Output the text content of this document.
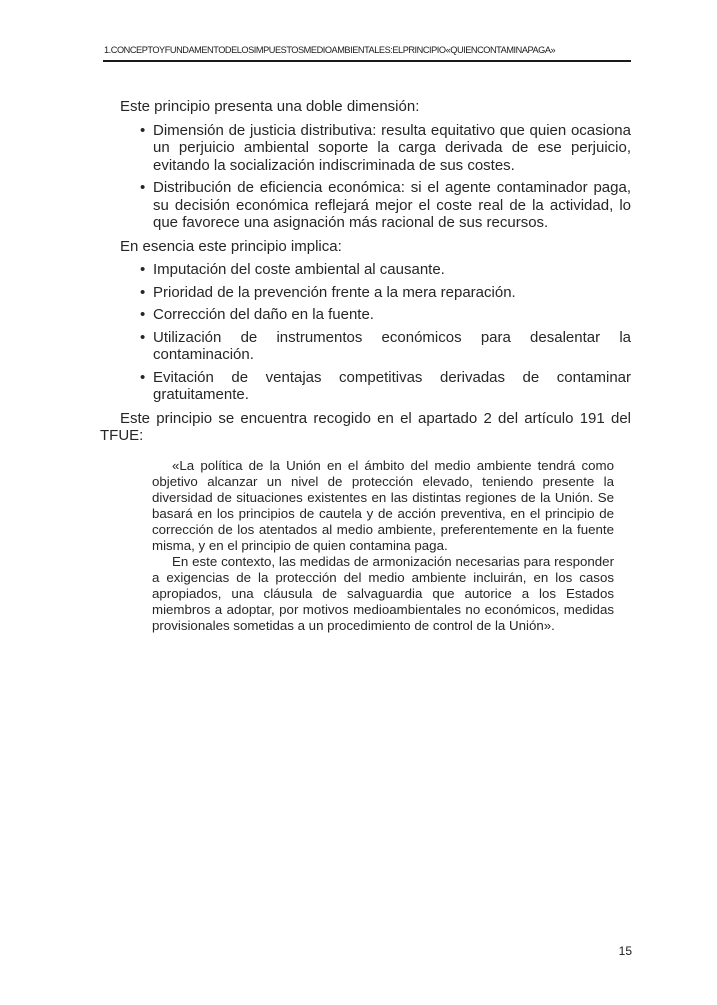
1.CONCEPTOYFUNDAMENTODELOSIMPUESTOSMEDIOAMBIENTALES:ELPRINCIPIO«QUIENCONTAMINAPAGA»

Este principio presenta una doble dimensión:

• Dimensión de justicia distributiva: resulta equitativo que quien ocasiona un perjuicio ambiental soporte la carga derivada de ese perjuicio, evitando la socialización indiscriminada de sus costes.
• Distribución de eficiencia económica: si el agente contaminador paga, su decisión económica reflejará mejor el coste real de la actividad, lo que favorece una asignación más racional de sus recursos.

En esencia este principio implica:

• Imputación del coste ambiental al causante.
• Prioridad de la prevención frente a la mera reparación.
• Corrección del daño en la fuente.
• Utilización de instrumentos económicos para desalentar la contaminación.
• Evitación de ventajas competitivas derivadas de contaminar gratuitamente.

Este principio se encuentra recogido en el apartado 2 del artículo 191 del
TFUE:

«La política de la Unión en el ámbito del medio ambiente tendrá como objetivo alcanzar un nivel de protección elevado, teniendo presente la diversidad de situaciones existentes en las distintas regiones de la Unión. Se basará en los principios de cautela y de acción preventiva, en el principio de corrección de los atentados al medio ambiente, preferentemente en la fuente misma, y en el principio de quien contamina paga.

En este contexto, las medidas de armonización necesarias para responder a exigencias de la protección del medio ambiente incluirán, en los casos apropiados, una cláusula de salvaguardia que autorice a los Estados miembros a adoptar, por motivos medioambientales no económicos, medidas provisionales sometidas a un procedimiento de control de la Unión».

15
